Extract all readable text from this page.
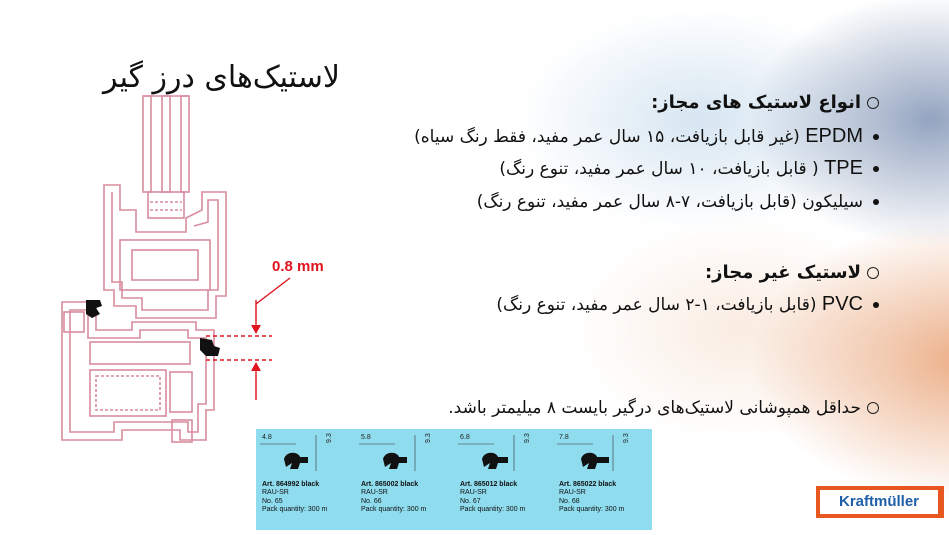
لاستیک‌های درز گیر
انواع لاستیک های مجاز:
EPDM (غیر قابل بازیافت، ۱۵ سال عمر مفید، فقط رنگ سیاه)
TPE ( قابل بازیافت، ۱۰ سال عمر مفید، تنوع رنگ)
سیلیکون (قابل بازیافت، ۷-۸ سال عمر مفید، تنوع رنگ)
لاستیک غیر مجاز:
PVC (قابل بازیافت، ۱-۲ سال عمر مفید، تنوع رنگ)
حداقل همپوشانی لاستیک‌های درگیر بایست ۸ میلیمتر باشد.
0.8 mm
4.8	9.3
Art. 864992 black
RAU-SR
No. 65
Pack quantity: 300 m
5.8	9.3
Art. 865002 black
RAU-SR
No. 66
Pack quantity: 300 m
6.8	9.3
Art. 865012 black
RAU-SR
No. 67
Pack quantity: 300 m
7.8	9.3
Art. 865022 black
RAU-SR
No. 68
Pack quantity: 300 m	Kraftmüller
